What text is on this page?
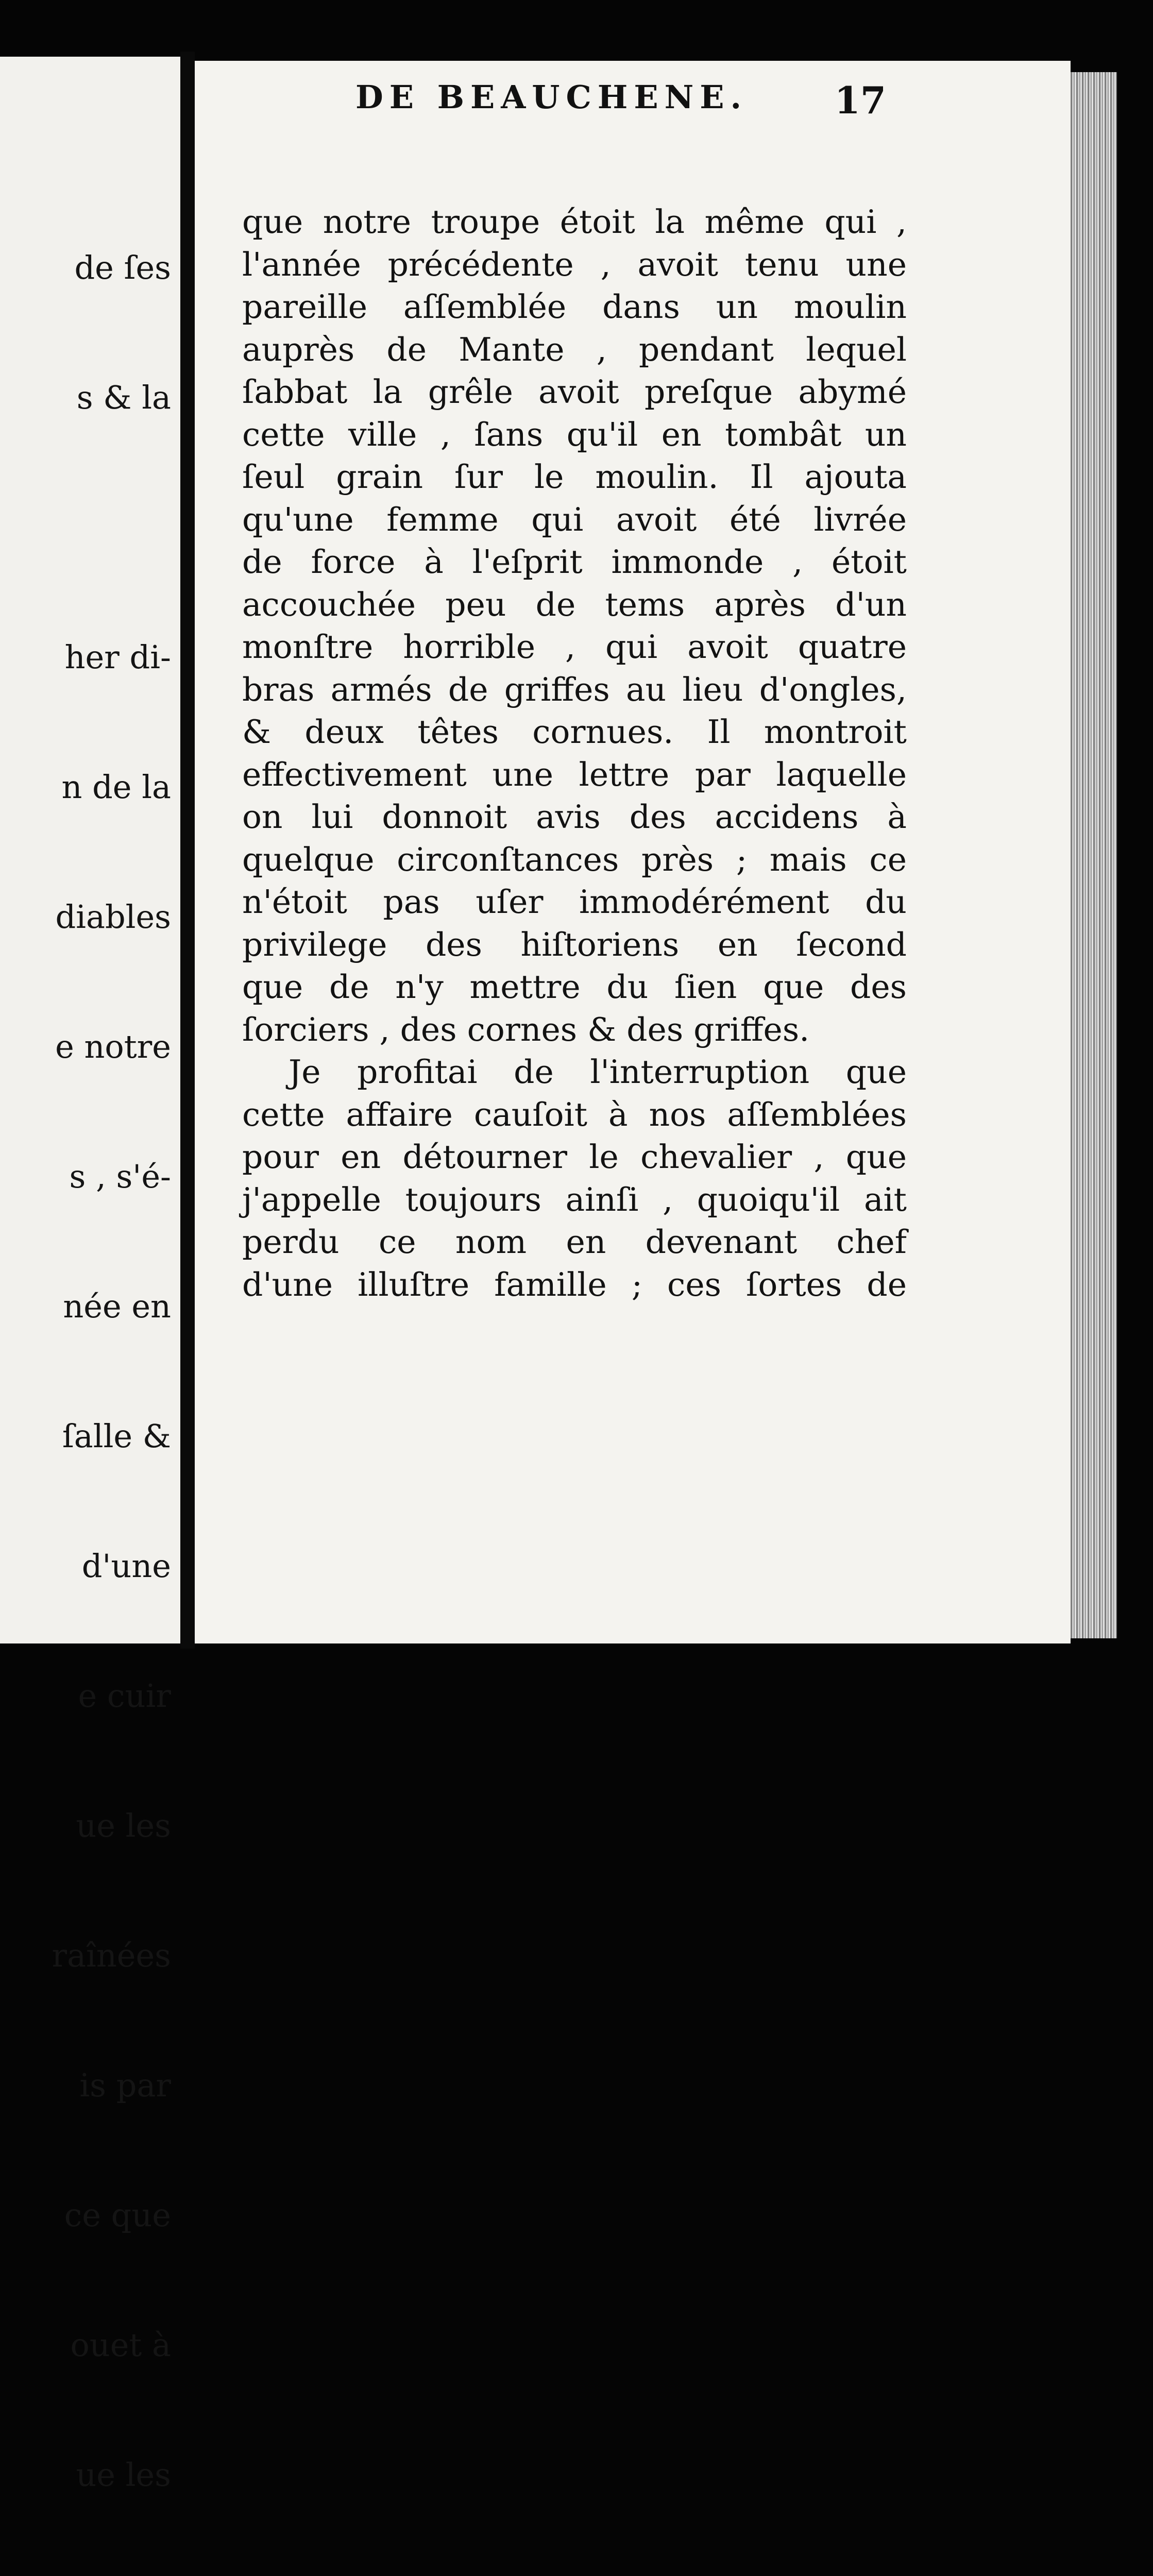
de ſes

s & la

her di-

n de la

diables

e notre

s , s'é-

née en

ſalle &

d'une

e cuir

ue les

raînées

is par

ce que

ouet à

ue les

DE BEAUCHENE. 17
que notre troupe étoit la même qui ,
l'année précédente , avoit tenu une
pareille aſſemblée dans un moulin
auprès de Mante , pendant lequel
ſabbat la grêle avoit preſque abymé
cette ville , ſans qu'il en tombât un
ſeul grain ſur le moulin. Il ajouta
qu'une femme qui avoit été livrée
de force à l'eſprit immonde , étoit
accouchée peu de tems après d'un
monſtre horrible , qui avoit quatre
bras armés de griffes au lieu d'ongles,
& deux têtes cornues. Il montroit
effectivement une lettre par laquelle
on lui donnoit avis des accidens à
quelque circonſtances près ; mais ce
n'étoit pas uſer immodérément du
privilege des hiſtoriens en ſecond
que de n'y mettre du ſien que des
ſorciers , des cornes & des griffes.
Je profitai de l'interruption que
cette affaire cauſoit à nos aſſemblées
pour en détourner le chevalier , que
j'appelle toujours ainſi , quoiqu'il ait
perdu ce nom en devenant chef
d'une illuſtre famille ; ces ſortes de
